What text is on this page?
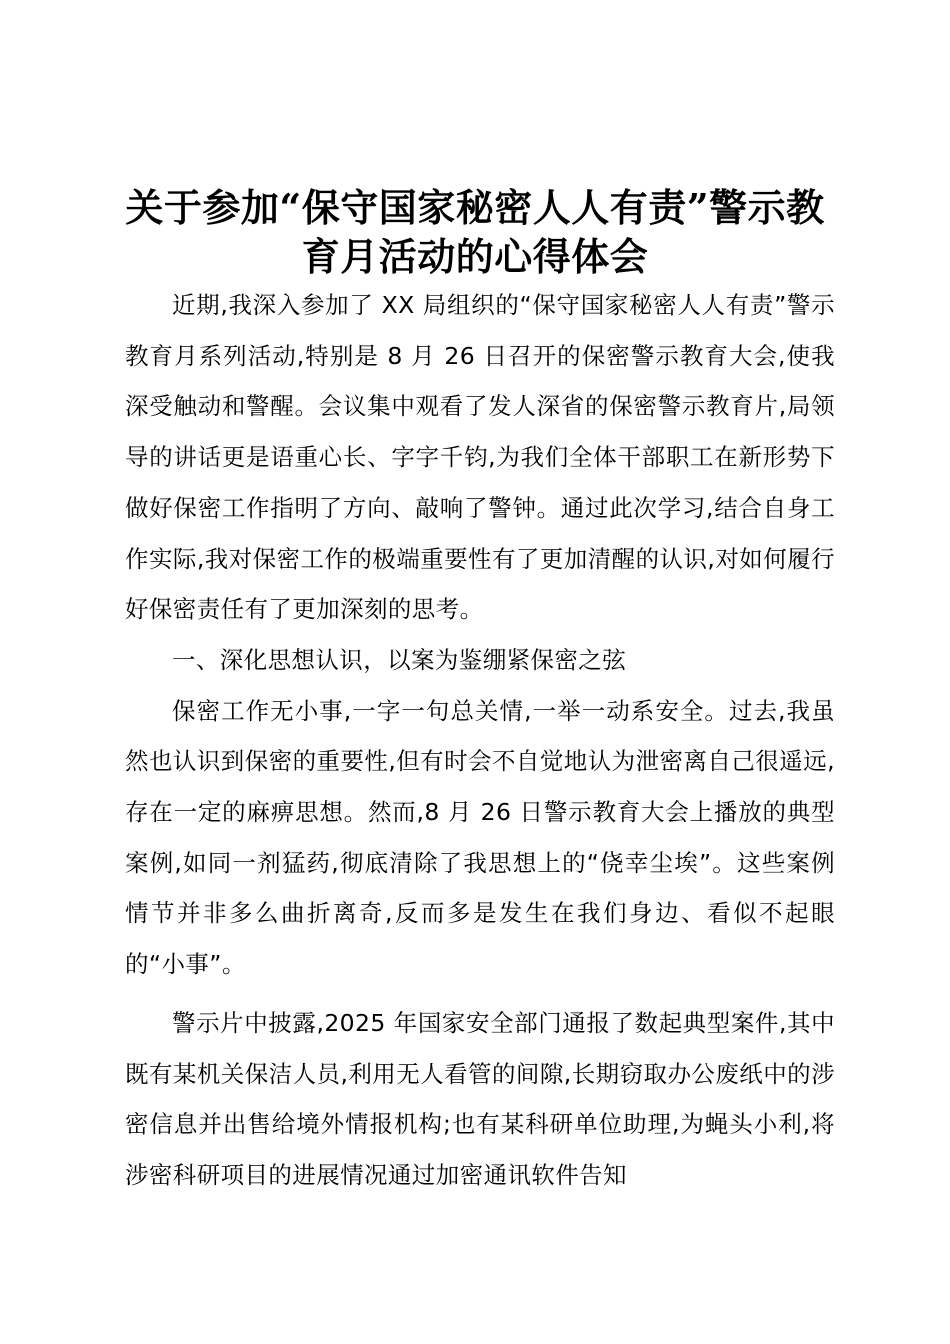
关于参加“保守国家秘密人人有责”警示教育月活动的心得体会

近期,我深入参加了 XX 局组织的“保守国家秘密人人有责”警示教育月系列活动,特别是 8 月 26 日召开的保密警示教育大会,使我深受触动和警醒。会议集中观看了发人深省的保密警示教育片,局领导的讲话更是语重心长、字字千钧,为我们全体干部职工在新形势下做好保密工作指明了方向、敲响了警钟。通过此次学习,结合自身工作实际,我对保密工作的极端重要性有了更加清醒的认识,对如何履行好保密责任有了更加深刻的思考。

一、深化思想认识，以案为鉴绷紧保密之弦

保密工作无小事,一字一句总关情,一举一动系安全。过去,我虽然也认识到保密的重要性,但有时会不自觉地认为泄密离自己很遥远,存在一定的麻痹思想。然而,8 月 26 日警示教育大会上播放的典型案例,如同一剂猛药,彻底清除了我思想上的“侥幸尘埃”。这些案例情节并非多么曲折离奇,反而多是发生在我们身边、看似不起眼的“小事”。

警示片中披露,2025 年国家安全部门通报了数起典型案件,其中既有某机关保洁人员,利用无人看管的间隙,长期窃取办公废纸中的涉密信息并出售给境外情报机构;也有某科研单位助理,为蝇头小利,将涉密科研项目的进展情况通过加密通讯软件告知
